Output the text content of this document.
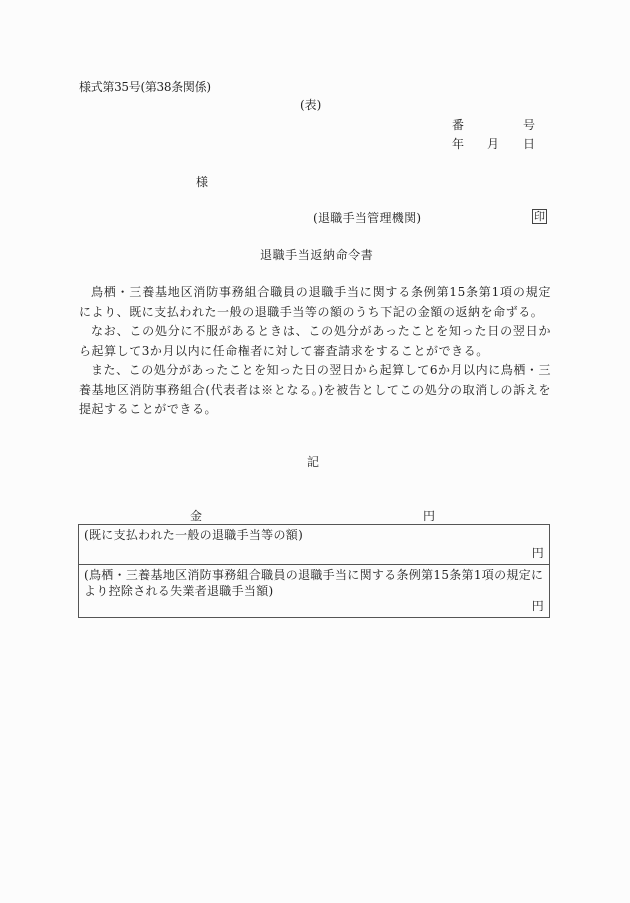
様式第35号(第38条関係)
(表)
番	号
年 月 日
様
(退職手当管理機関)	印
退職手当返納命令書

鳥栖・三養基地区消防事務組合職員の退職手当に関する条例第15条第1項の規定により、既に支払われた一般の退職手当等の額のうち下記の金額の返納を命ずる。

なお、この処分に不服があるときは、この処分があったことを知った日の翌日から起算して3か月以内に任命権者に対して審査請求をすることができる。

また、この処分があったことを知った日の翌日から起算して6か月以内に鳥栖・三養基地区消防事務組合(代表者は※となる。)を被告としてこの処分の取消しの訴えを提起することができる。

記
金	円
(既に支払われた一般の退職手当等の額)
円
(鳥栖・三養基地区消防事務組合職員の退職手当に関する条例第15条第1項の規定により控除される失業者退職手当額)
円
